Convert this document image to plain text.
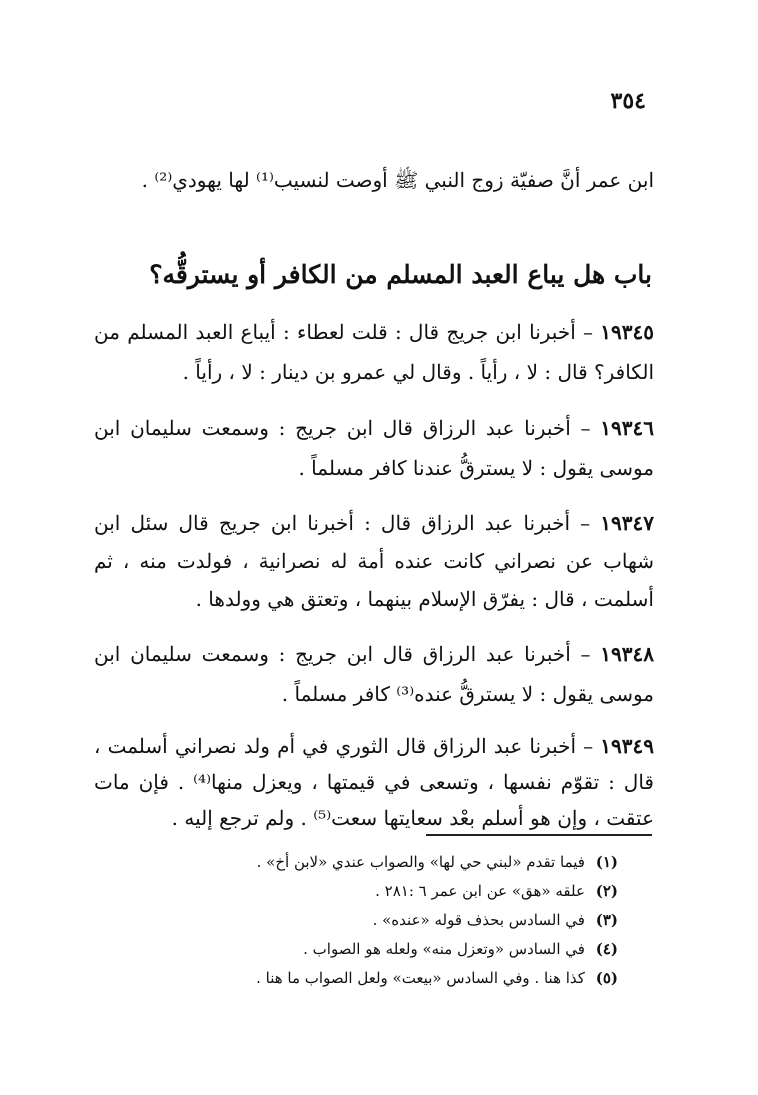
٣٥٤

ابن عمر أنَّ صفيّة زوج النبي ﷺ أوصت لنسيب⁽¹⁾ لها يهودي⁽²⁾ .

باب هل يباع العبد المسلم من الكافر أو يسترقُّه؟

١٩٣٤٥ – أخبرنا ابن جريج قال : قلت لعطاء : أيباع العبد المسلم من الكافر؟ قال : لا ، رأياً . وقال لي عمرو بن دينار : لا ، رأياً .

١٩٣٤٦ – أخبرنا عبد الرزاق قال ابن جريج : وسمعت سليمان ابن موسى يقول : لا يسترقُّ عندنا كافر مسلماً .

١٩٣٤٧ – أخبرنا عبد الرزاق قال : أخبرنا ابن جريج قال سئل ابن شهاب عن نصراني كانت عنده أمة له نصرانية ، فولدت منه ، ثم أسلمت ، قال : يفرّق الإسلام بينهما ، وتعتق هي وولدها .

١٩٣٤٨ – أخبرنا عبد الرزاق قال ابن جريج : وسمعت سليمان ابن موسى يقول : لا يسترقُّ عنده⁽³⁾ كافر مسلماً .

١٩٣٤٩ – أخبرنا عبد الرزاق قال الثوري في أم ولد نصراني أسلمت ، قال : تقوّم نفسها ، وتسعى في قيمتها ، ويعزل منها⁽⁴⁾ . فإن مات عتقت ، وإن هو أسلم بعْد سعايتها سعت⁽⁵⁾ . ولم ترجع إليه .

(١) فيما تقدم «لبني حي لها» والصواب عندي «لابن أخ» .
(٢) علقه «هق» عن ابن عمر ٦ :٢٨١ .
(٣) في السادس بحذف قوله «عنده» .
(٤) في السادس «وتعزل منه» ولعله هو الصواب .
(٥) كذا هنا . وفي السادس «بيعت» ولعل الصواب ما هنا .
